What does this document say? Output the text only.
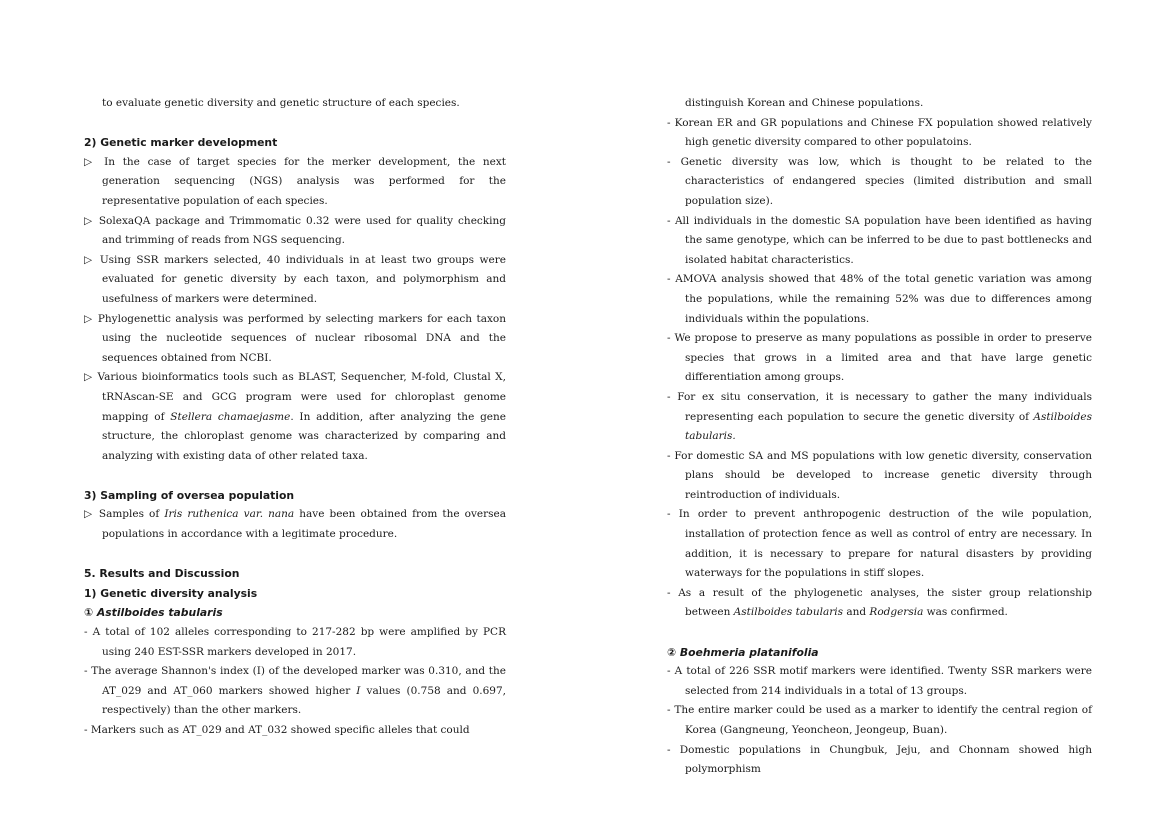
to evaluate genetic diversity and genetic structure of each species.

2) Genetic marker development

▷ In the case of target species for the merker development, the next generation sequencing (NGS) analysis was performed for the representative population of each species.

▷ SolexaQA package and Trimmomatic 0.32 were used for quality checking and trimming of reads from NGS sequencing.

▷ Using SSR markers selected, 40 individuals in at least two groups were evaluated for genetic diversity by each taxon, and polymorphism and usefulness of markers were determined.

▷ Phylogenettic analysis was performed by selecting markers for each taxon using the nucleotide sequences of nuclear ribosomal DNA and the sequences obtained from NCBI.

▷ Various bioinformatics tools such as BLAST, Sequencher, M-fold, Clustal X, tRNAscan-SE and GCG program were used for chloroplast genome mapping of Stellera chamaejasme. In addition, after analyzing the gene structure, the chloroplast genome was characterized by comparing and analyzing with existing data of other related taxa.

3) Sampling of oversea population

▷ Samples of Iris ruthenica var. nana have been obtained from the oversea populations in accordance with a legitimate procedure.

5. Results and Discussion

1) Genetic diversity analysis

① Astilboides tabularis

- A total of 102 alleles corresponding to 217-282 bp were amplified by PCR using 240 EST-SSR markers developed in 2017.

- The average Shannon's index (I) of the developed marker was 0.310, and the AT_029 and AT_060 markers showed higher I values (0.758 and 0.697, respectively) than the other markers.

- Markers such as AT_029 and AT_032 showed specific alleles that could

distinguish Korean and Chinese populations.

- Korean ER and GR populations and Chinese FX population showed relatively high genetic diversity compared to other populatoins.

- Genetic diversity was low, which is thought to be related to the characteristics of endangered species (limited distribution and small population size).

- All individuals in the domestic SA population have been identified as having the same genotype, which can be inferred to be due to past bottlenecks and isolated habitat characteristics.

- AMOVA analysis showed that 48% of the total genetic variation was among the populations, while the remaining 52% was due to differences among individuals within the populations.

- We propose to preserve as many populations as possible in order to preserve species that grows in a limited area and that have large genetic differentiation among groups.

- For ex situ conservation, it is necessary to gather the many individuals representing each population to secure the genetic diversity of Astilboides tabularis.

- For domestic SA and MS populations with low genetic diversity, conservation plans should be developed to increase genetic diversity through reintroduction of individuals.

- In order to prevent anthropogenic destruction of the wile population, installation of protection fence as well as control of entry are necessary. In addition, it is necessary to prepare for natural disasters by providing waterways for the populations in stiff slopes.

- As a result of the phylogenetic analyses, the sister group relationship between Astilboides tabularis and Rodgersia was confirmed.

② Boehmeria platanifolia

- A total of 226 SSR motif markers were identified. Twenty SSR markers were selected from 214 individuals in a total of 13 groups.

- The entire marker could be used as a marker to identify the central region of Korea (Gangneung, Yeoncheon, Jeongeup, Buan).

- Domestic populations in Chungbuk, Jeju, and Chonnam showed high polymorphism
